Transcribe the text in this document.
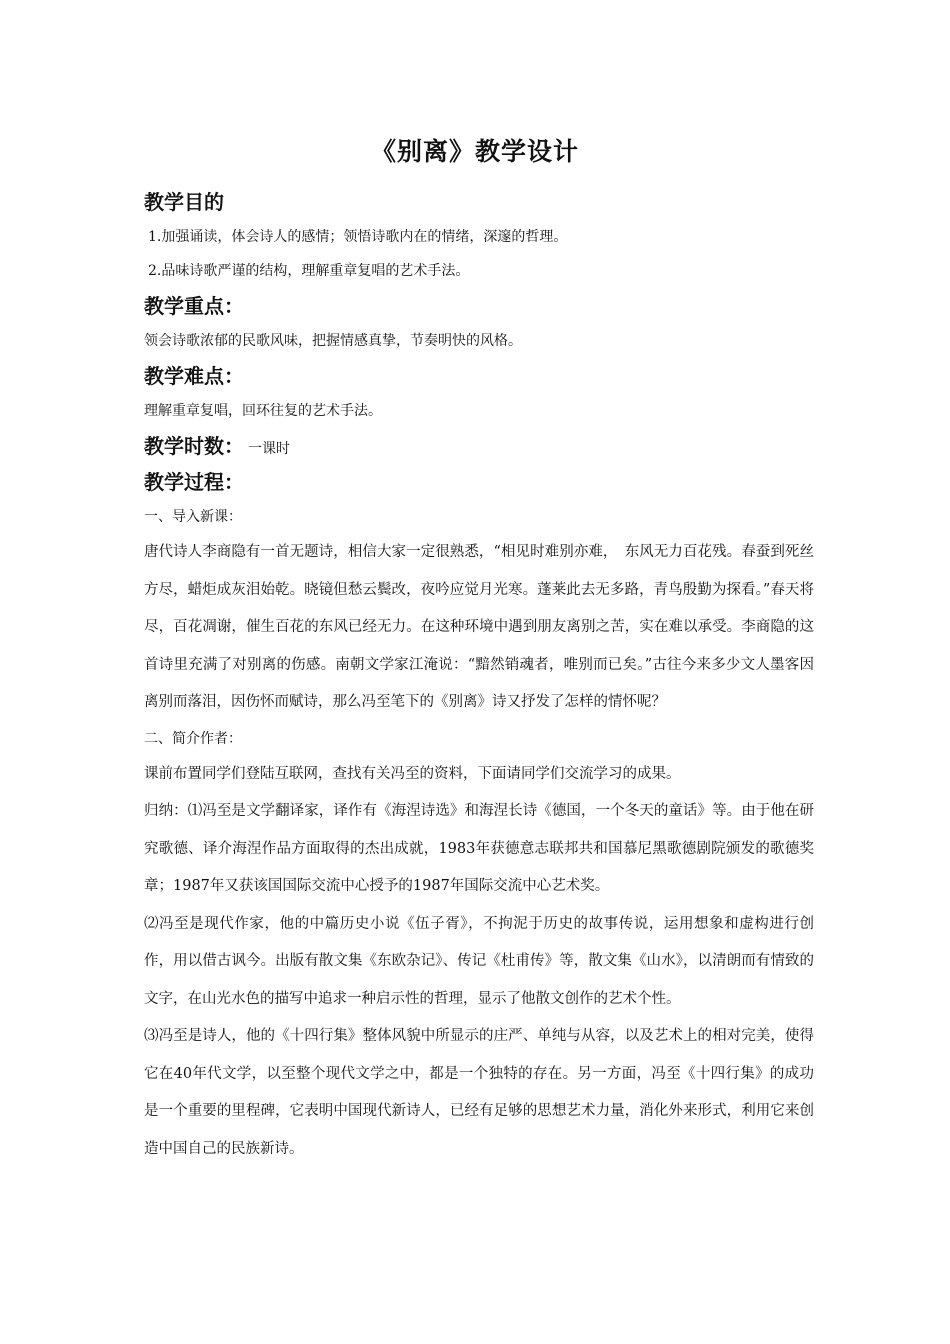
《别离》教学设计
教学目的

1.加强诵读，体会诗人的感情；领悟诗歌内在的情绪，深邃的哲理。

2.品味诗歌严谨的结构，理解重章复唱的艺术手法。

教学重点：

领会诗歌浓郁的民歌风味，把握情感真挚，节奏明快的风格。

教学难点：

理解重章复唱，回环往复的艺术手法。

教学时数： 一课时
教学过程：

一、导入新课：

唐代诗人李商隐有一首无题诗，相信大家一定很熟悉，“相见时难别亦难，　东风无力百花残。春蚕到死丝方尽，蜡炬成灰泪始乾。晓镜但愁云鬓改，夜吟应觉月光寒。蓬莱此去无多路，青鸟殷勤为探看。”春天将尽，百花凋谢，催生百花的东风已经无力。在这种环境中遇到朋友离别之苦，实在难以承受。李商隐的这首诗里充满了对别离的伤感。南朝文学家江淹说：“黯然销魂者，唯别而已矣。”古往今来多少文人墨客因离别而落泪，因伤怀而赋诗，那么冯至笔下的《别离》诗又抒发了怎样的情怀呢？

二、简介作者：

课前布置同学们登陆互联网，查找有关冯至的资料，下面请同学们交流学习的成果。

归纳：⑴冯至是文学翻译家，译作有《海涅诗选》和海涅长诗《德国，一个冬天的童话》等。由于他在研究歌德、译介海涅作品方面取得的杰出成就，1983年获德意志联邦共和国慕尼黑歌德剧院颁发的歌德奖章；1987年又获该国国际交流中心授予的1987年国际交流中心艺术奖。

⑵冯至是现代作家，他的中篇历史小说《伍子胥》，不拘泥于历史的故事传说，运用想象和虚构进行创作，用以借古讽今。出版有散文集《东欧杂记》、传记《杜甫传》等，散文集《山水》，以清朗而有情致的文字，在山光水色的描写中追求一种启示性的哲理，显示了他散文创作的艺术个性。

⑶冯至是诗人，他的《十四行集》整体风貌中所显示的庄严、单纯与从容，以及艺术上的相对完美，使得它在40年代文学，以至整个现代文学之中，都是一个独特的存在。另一方面，冯至《十四行集》的成功是一个重要的里程碑，它表明中国现代新诗人，已经有足够的思想艺术力量，消化外来形式，利用它来创造中国自己的民族新诗。
